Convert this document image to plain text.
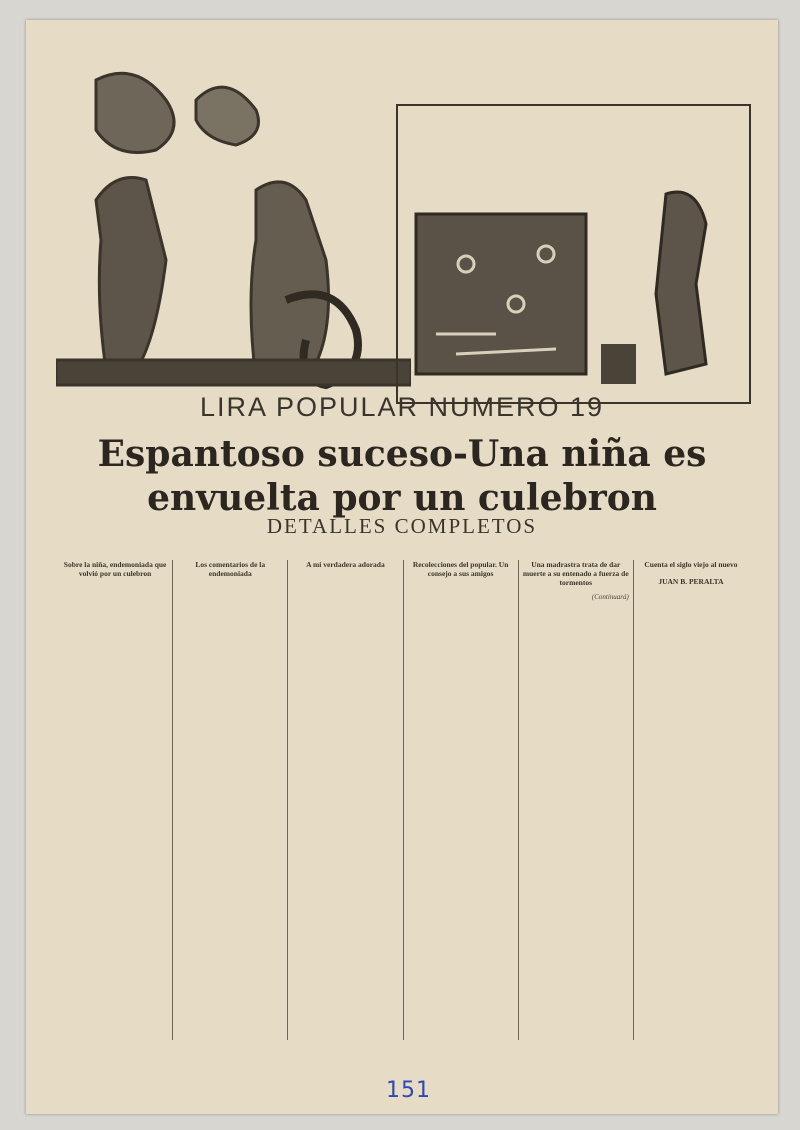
LIRA POPULAR NUMERO 19
Espantoso suceso-Una niña es
envuelta por un culebron
DETALLES COMPLETOS
Sobre la niña, endemoniada que volvió por un culebron
Los comentarios de la endemoniada
A mi verdadera adorada	Recolecciones del popular. Un consejo a sus amigos
Una madrastra trata de dar muerte a su entenado a fuerza de tormentos
(Continuará)
Cuenta el siglo viejo al nuevo
JUAN B. PERALTA
151
